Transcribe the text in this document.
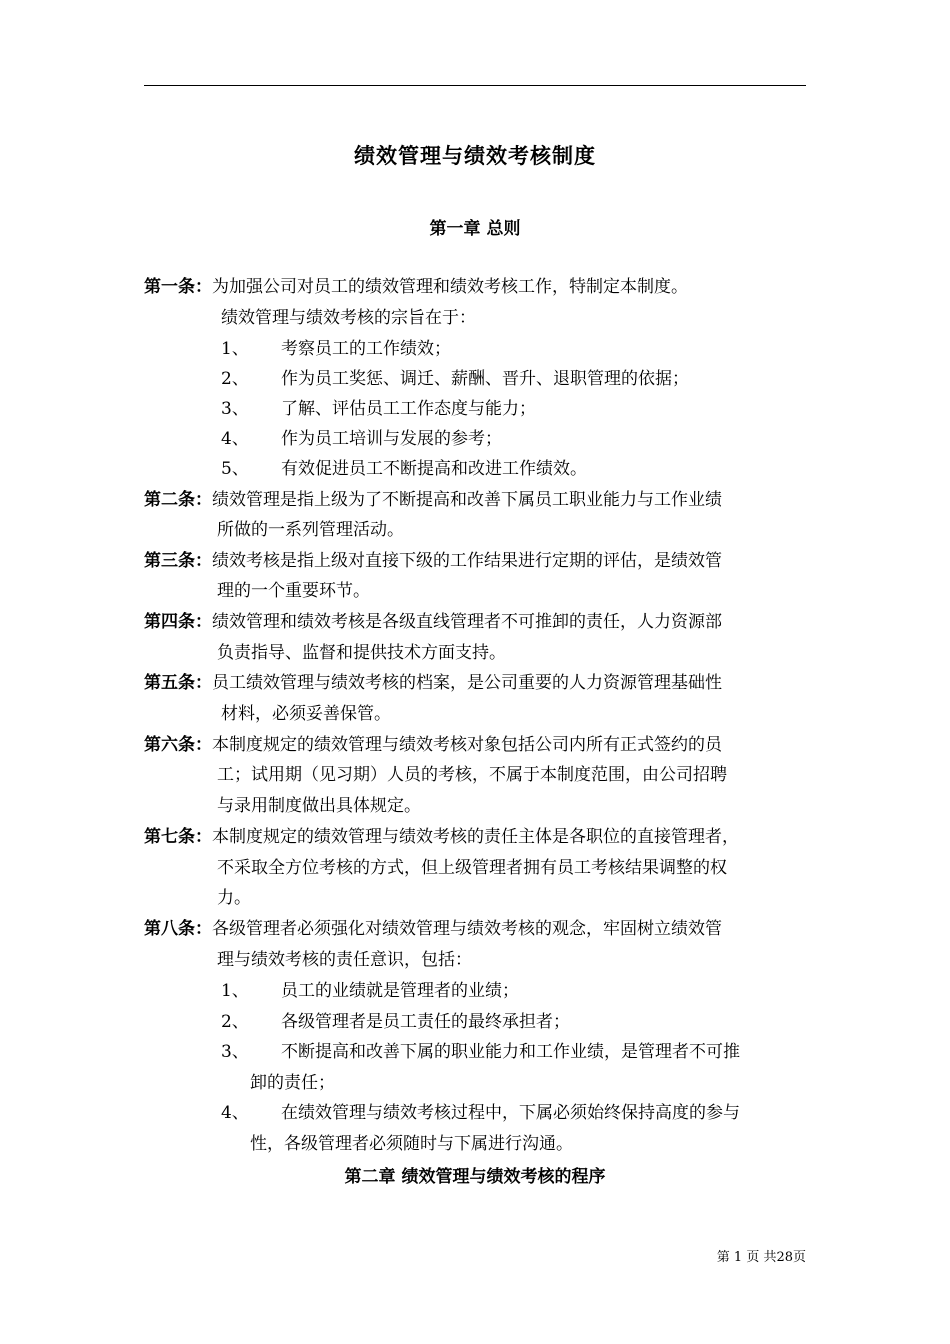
绩效管理与绩效考核制度
第一章 总则
第一条：为加强公司对员工的绩效管理和绩效考核工作，特制定本制度。
绩效管理与绩效考核的宗旨在于：
1、 考察员工的工作绩效；
2、 作为员工奖惩、调迁、薪酬、晋升、退职管理的依据；
3、 了解、评估员工工作态度与能力；
4、 作为员工培训与发展的参考；
5、 有效促进员工不断提高和改进工作绩效。
第二条：绩效管理是指上级为了不断提高和改善下属员工职业能力与工作业绩
所做的一系列管理活动。
第三条：绩效考核是指上级对直接下级的工作结果进行定期的评估，是绩效管
理的一个重要环节。
第四条：绩效管理和绩效考核是各级直线管理者不可推卸的责任，人力资源部
负责指导、监督和提供技术方面支持。
第五条：员工绩效管理与绩效考核的档案，是公司重要的人力资源管理基础性
材料，必须妥善保管。
第六条：本制度规定的绩效管理与绩效考核对象包括公司内所有正式签约的员
工；试用期（见习期）人员的考核，不属于本制度范围，由公司招聘
与录用制度做出具体规定。
第七条：本制度规定的绩效管理与绩效考核的责任主体是各职位的直接管理者，
不采取全方位考核的方式，但上级管理者拥有员工考核结果调整的权
力。
第八条：各级管理者必须强化对绩效管理与绩效考核的观念，牢固树立绩效管
理与绩效考核的责任意识，包括：
1、 员工的业绩就是管理者的业绩；
2、 各级管理者是员工责任的最终承担者；
3、 不断提高和改善下属的职业能力和工作业绩，是管理者不可推
卸的责任；
4、 在绩效管理与绩效考核过程中，下属必须始终保持高度的参与
性，各级管理者必须随时与下属进行沟通。
第二章 绩效管理与绩效考核的程序
第 1 页 共28页
